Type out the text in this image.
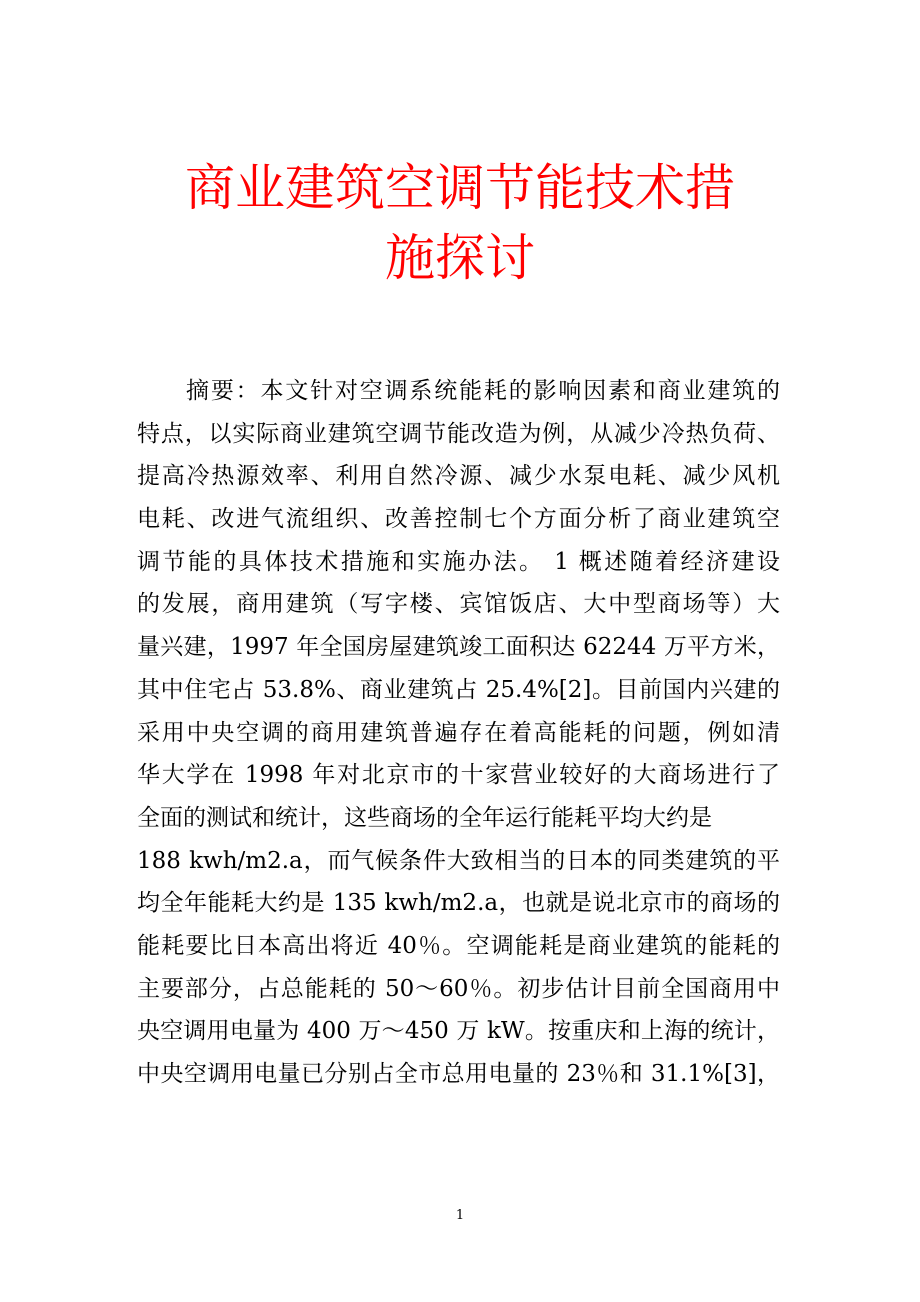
商业建筑空调节能技术措
施探讨
摘要：本文针对空调系统能耗的影响因素和商业建筑的
特点，以实际商业建筑空调节能改造为例，从减少冷热负荷、
提高冷热源效率、利用自然冷源、减少水泵电耗、减少风机
电耗、改进气流组织、改善控制七个方面分析了商业建筑空
调节能的具体技术措施和实施办法。 1 概述随着经济建设
的发展，商用建筑（写字楼、宾馆饭店、大中型商场等）大
量兴建，1997 年全国房屋建筑竣工面积达 62244 万平方米，
其中住宅占 53.8%、商业建筑占 25.4%[2]。目前国内兴建的
采用中央空调的商用建筑普遍存在着高能耗的问题，例如清
华大学在 1998 年对北京市的十家营业较好的大商场进行了
全面的测试和统计，这些商场的全年运行能耗平均大约是
188 kwh/m2.a，而气候条件大致相当的日本的同类建筑的平
均全年能耗大约是 135 kwh/m2.a，也就是说北京市的商场的
能耗要比日本高出将近 40％。空调能耗是商业建筑的能耗的
主要部分，占总能耗的 50～60％。初步估计目前全国商用中
央空调用电量为 400 万～450 万 kW。按重庆和上海的统计，
中央空调用电量已分别占全市总用电量的 23％和 31.1%[3]，
1
